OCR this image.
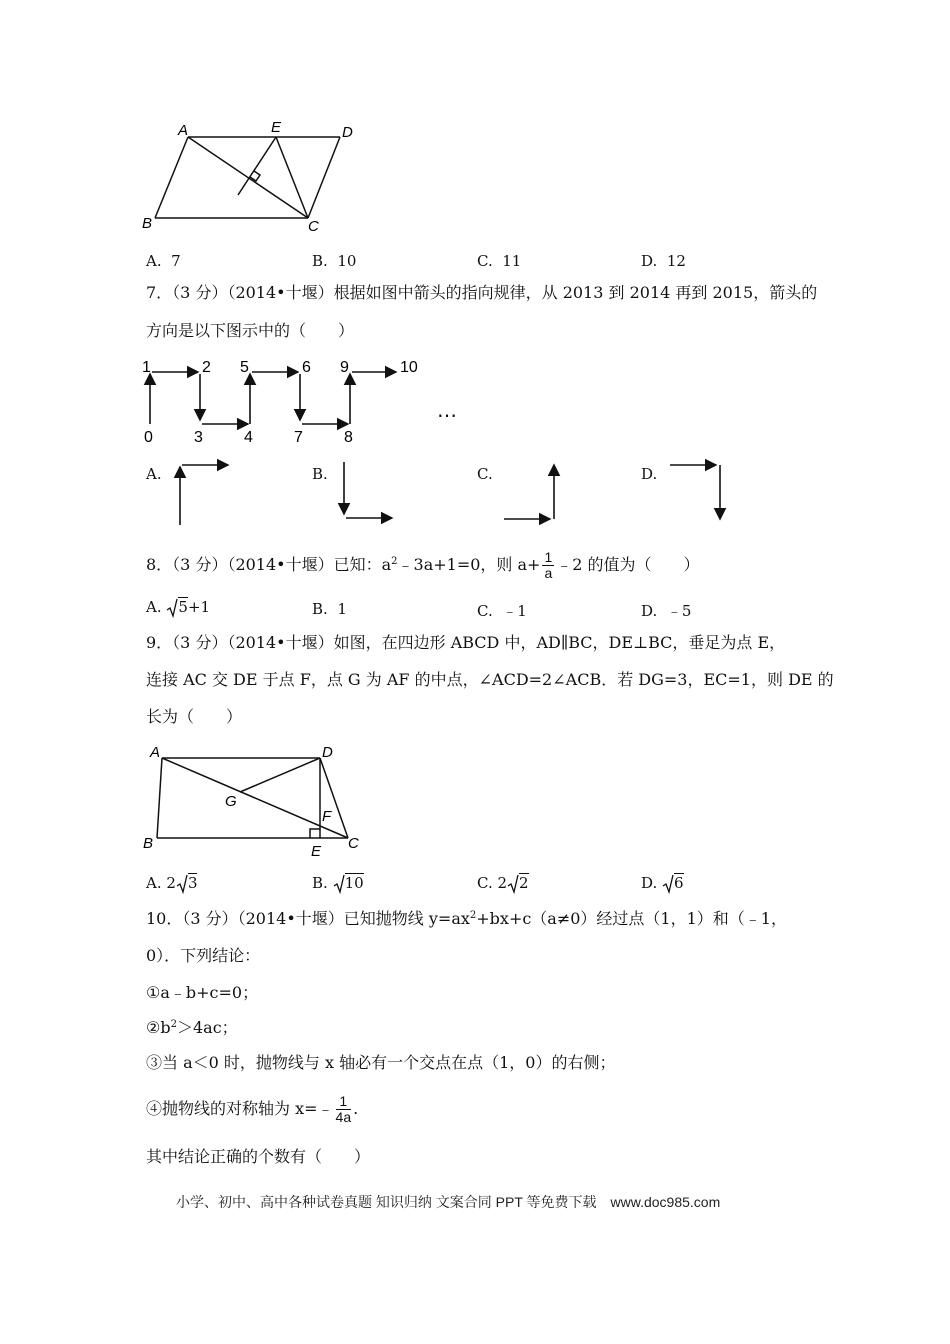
A	E	D
B	C
A. 7	B. 10	C. 11	D. 12
7．（3 分）（2014•十堰）根据如图中箭头的指向规律，从 2013 到 2014 再到 2015，箭头的
方向是以下图示中的（　　）
1	2 5	6 9	10
0	3	4	7	8
…
A.	B.	C.	D.
8．（3 分）（2014•十堰）已知：$a^2﹣3a+1=0$，则 $a+ \frac{1}{a}$ ﹣2 的值为（　　）
A. 5+1	B. 1	C. ﹣1	D. ﹣5
9．（3 分）（2014•十堰）如图，在四边形 ABCD 中，AD∥BC，DE⊥BC，垂足为点 E，
连接 AC 交 DE 于点 F，点 G 为 AF 的中点，∠ACD=2∠ACB．若 DG=3，EC=1，则 DE 的
长为（　　）
A	D
G
F
B	E C
A. 2 3	B. 10	C. 2 2	D. 6
10．（3 分）（2014•十堰）已知抛物线 $y=ax^2+bx+c(a\ne 0)$经过点（1，1）和（﹣1，
0）．下列结论：
①a﹣b+c=0；
$②b^2>4ac$；
③当 a＜0 时，抛物线与 x 轴必有一个交点在点（1，0）的右侧；
④抛物线的对称轴为 x=﹣ $\frac{1}{4a}$ .
其中结论正确的个数有（　　）
小学、初中、高中各种试卷真题 知识归纳 文案合同 PPT 等免费下载　www.doc985.com
